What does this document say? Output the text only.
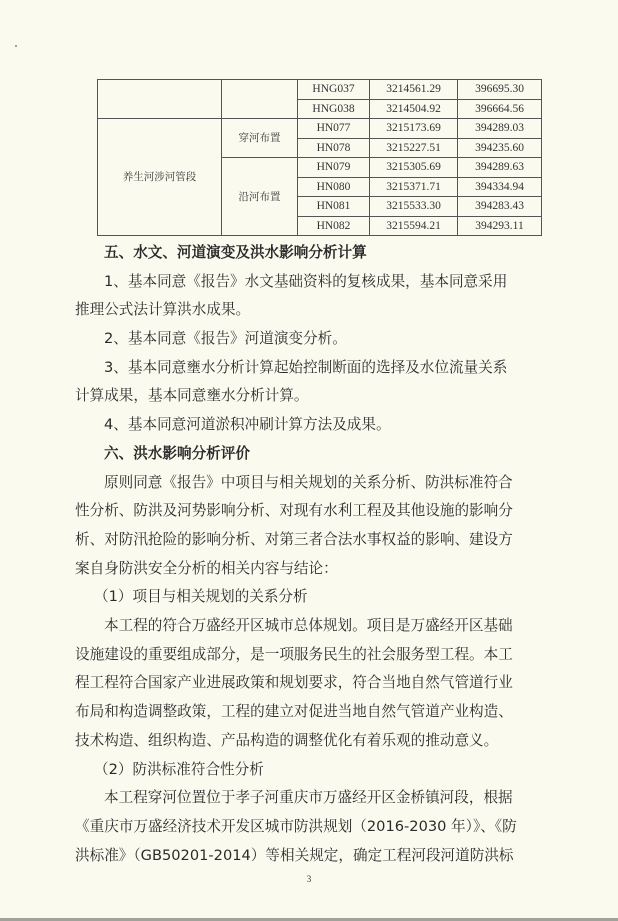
		HNG037	3214561.29	396695.30
		HNG038	3214504.92	396664.56
养生河涉河管段	穿河布置	HN077	3215173.69	394289.03
		HN078	3215227.51	394235.60
	沿河布置	HN079	3215305.69	394289.63
		HN080	3215371.71	394334.94
		HN081	3215533.30	394283.43
		HN082	3215594.21	394293.11
五、水文、河道演变及洪水影响分析计算
1、基本同意《报告》水文基础资料的复核成果，基本同意采用
推理公式法计算洪水成果。
2、基本同意《报告》河道演变分析。
3、基本同意壅水分析计算起始控制断面的选择及水位流量关系
计算成果，基本同意壅水分析计算。
4、基本同意河道淤积冲刷计算方法及成果。
六、洪水影响分析评价
原则同意《报告》中项目与相关规划的关系分析、防洪标准符合
性分析、防洪及河势影响分析、对现有水利工程及其他设施的影响分
析、对防汛抢险的影响分析、对第三者合法水事权益的影响、建设方
案自身防洪安全分析的相关内容与结论：
（1）项目与相关规划的关系分析
本工程的符合万盛经开区城市总体规划。项目是万盛经开区基础
设施建设的重要组成部分，是一项服务民生的社会服务型工程。本工
程工程符合国家产业进展政策和规划要求，符合当地自然气管道行业
布局和构造调整政策，工程的建立对促进当地自然气管道产业构造、
技术构造、组织构造、产品构造的调整优化有着乐观的推动意义。
（2）防洪标准符合性分析
本工程穿河位置位于孝子河重庆市万盛经开区金桥镇河段，根据
《重庆市万盛经济技术开发区城市防洪规划（2016-2030 年）》、《防
洪标准》（GB50201-2014）等相关规定，确定工程河段河道防洪标
3
